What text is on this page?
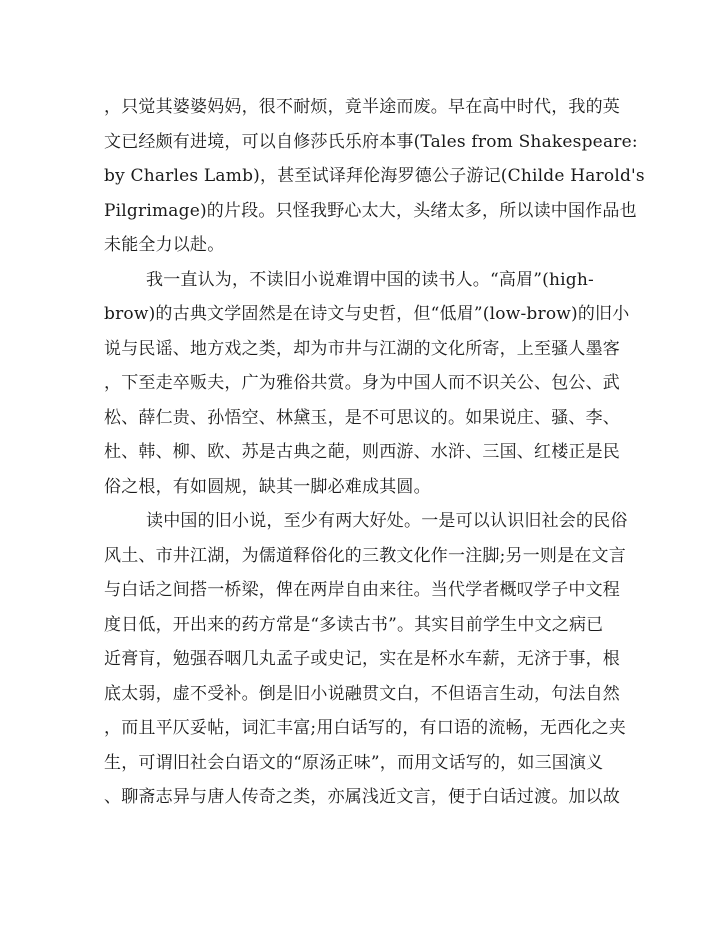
，只觉其婆婆妈妈，很不耐烦，竟半途而废。早在高中时代，我的英
文已经颇有进境，可以自修莎氏乐府本事(Tales from Shakespeare:
by Charles Lamb)，甚至试译拜伦海罗德公子游记(Childe Harold's
Pilgrimage)的片段。只怪我野心太大，头绪太多，所以读中国作品也
未能全力以赴。
我一直认为，不读旧小说难谓中国的读书人。“高眉”(high-
brow)的古典文学固然是在诗文与史哲，但“低眉”(low-brow)的旧小
说与民谣、地方戏之类，却为市井与江湖的文化所寄，上至骚人墨客
，下至走卒贩夫，广为雅俗共赏。身为中国人而不识关公、包公、武
松、薛仁贵、孙悟空、林黛玉，是不可思议的。如果说庄、骚、李、
杜、韩、柳、欧、苏是古典之葩，则西游、水浒、三国、红楼正是民
俗之根，有如圆规，缺其一脚必难成其圆。
读中国的旧小说，至少有两大好处。一是可以认识旧社会的民俗
风土、市井江湖，为儒道释俗化的三教文化作一注脚;另一则是在文言
与白话之间搭一桥梁，俾在两岸自由来往。当代学者概叹学子中文程
度日低，开出来的药方常是“多读古书”。其实目前学生中文之病已
近膏肓，勉强吞咽几丸孟子或史记，实在是杯水车薪，无济于事，根
底太弱，虚不受补。倒是旧小说融贯文白，不但语言生动，句法自然
，而且平仄妥帖，词汇丰富;用白话写的，有口语的流畅，无西化之夹
生，可谓旧社会白语文的“原汤正味”，而用文话写的，如三国演义
、聊斋志异与唐人传奇之类，亦属浅近文言，便于白话过渡。加以故
